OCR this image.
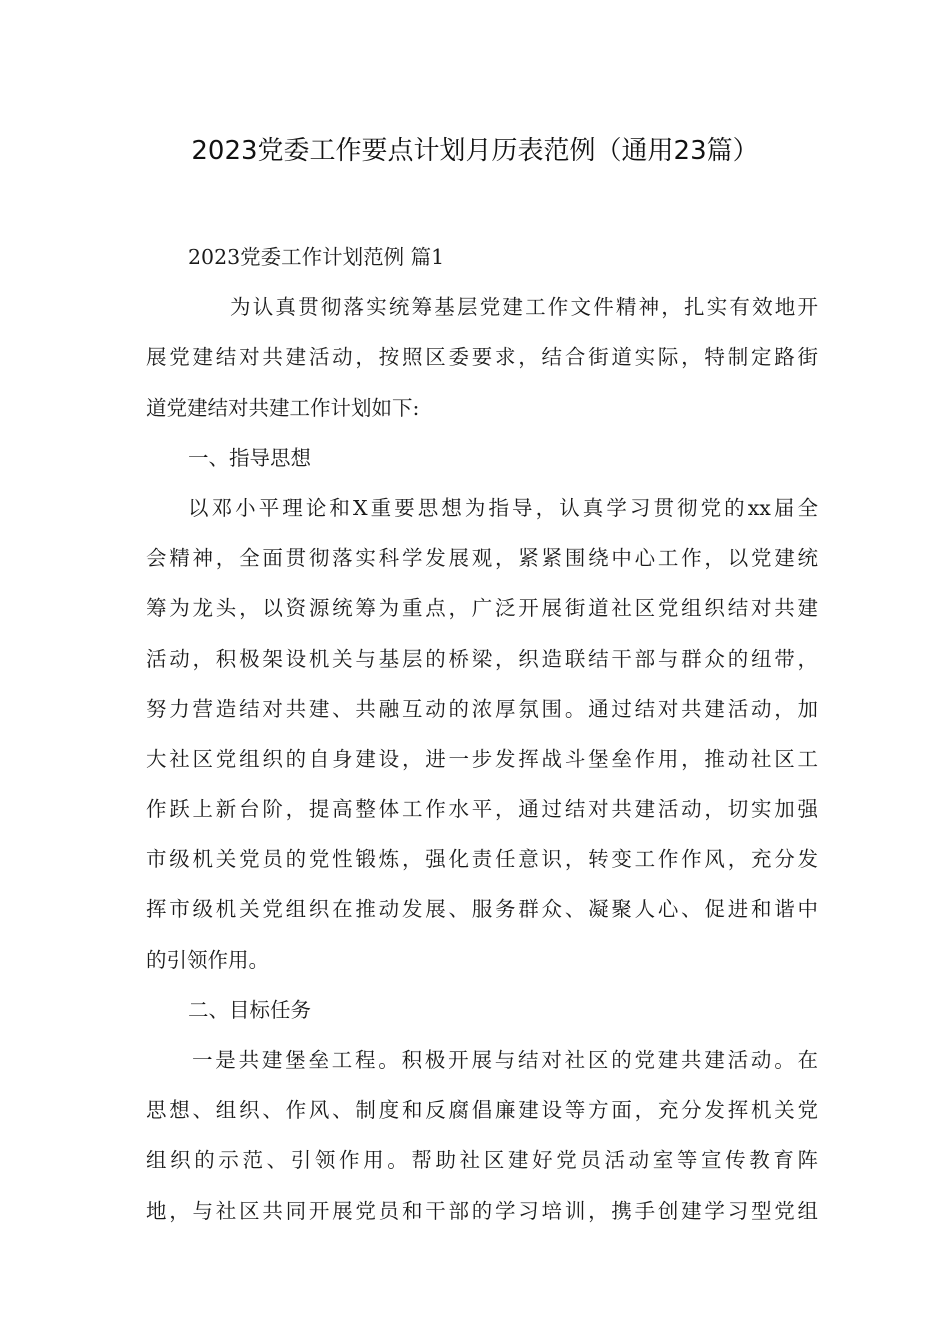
2023党委工作要点计划月历表范例（通用23篇）
2023党委工作计划范例 篇1
为认真贯彻落实统筹基层党建工作文件精神，扎实有效地开
展党建结对共建活动，按照区委要求，结合街道实际，特制定路街
道党建结对共建工作计划如下:
一、指导思想
以邓小平理论和X重要思想为指导，认真学习贯彻党的xx届全
会精神，全面贯彻落实科学发展观，紧紧围绕中心工作，以党建统
筹为龙头，以资源统筹为重点，广泛开展街道社区党组织结对共建
活动，积极架设机关与基层的桥梁，织造联结干部与群众的纽带，
努力营造结对共建、共融互动的浓厚氛围。通过结对共建活动，加
大社区党组织的自身建设，进一步发挥战斗堡垒作用，推动社区工
作跃上新台阶，提高整体工作水平，通过结对共建活动，切实加强
市级机关党员的党性锻炼，强化责任意识，转变工作作风，充分发
挥市级机关党组织在推动发展、服务群众、凝聚人心、促进和谐中
的引领作用。
二、目标任务
一是共建堡垒工程。积极开展与结对社区的党建共建活动。在
思想、组织、作风、制度和反腐倡廉建设等方面，充分发挥机关党
组织的示范、引领作用。帮助社区建好党员活动室等宣传教育阵
地，与社区共同开展党员和干部的学习培训，携手创建学习型党组
